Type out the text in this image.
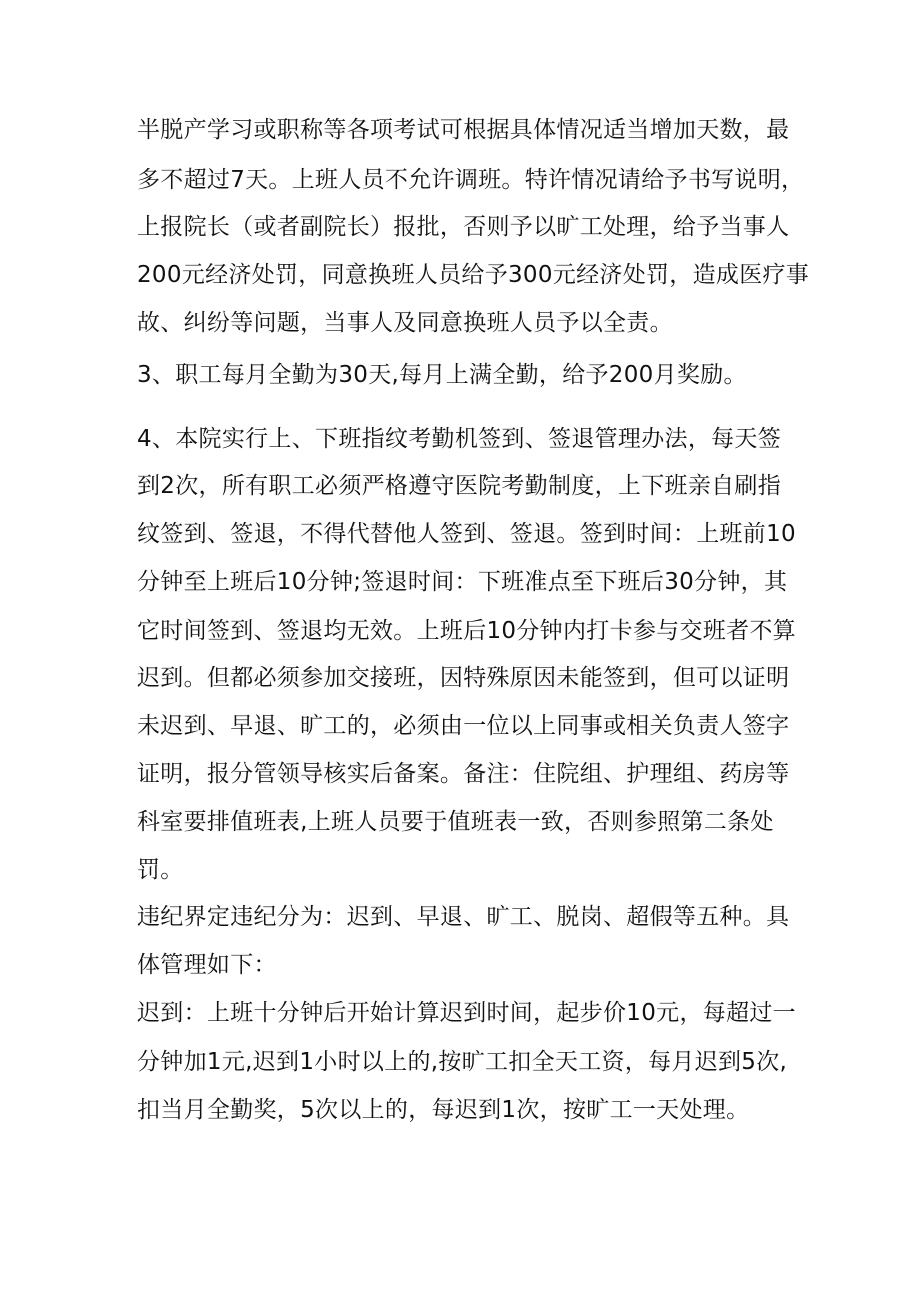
半脱产学习或职称等各项考试可根据具体情况适当增加天数，最
多不超过7天。上班人员不允许调班。特许情况请给予书写说明，
上报院长（或者副院长）报批，否则予以旷工处理，给予当事人
200元经济处罚，同意换班人员给予300元经济处罚，造成医疗事
故、纠纷等问题，当事人及同意换班人员予以全责。
3、职工每月全勤为30天,每月上满全勤，给予200月奖励。
4、本院实行上、下班指纹考勤机签到、签退管理办法，每天签
到2次，所有职工必须严格遵守医院考勤制度，上下班亲自刷指
纹签到、签退，不得代替他人签到、签退。签到时间：上班前10
分钟至上班后10分钟;签退时间：下班准点至下班后30分钟，其
它时间签到、签退均无效。上班后10分钟内打卡参与交班者不算
迟到。但都必须参加交接班，因特殊原因未能签到，但可以证明
未迟到、早退、旷工的，必须由一位以上同事或相关负责人签字
证明，报分管领导核实后备案。备注：住院组、护理组、药房等
科室要排值班表,上班人员要于值班表一致，否则参照第二条处
罚。
违纪界定违纪分为：迟到、早退、旷工、脱岗、超假等五种。具
体管理如下：
迟到：上班十分钟后开始计算迟到时间，起步价10元，每超过一
分钟加1元,迟到1小时以上的,按旷工扣全天工资，每月迟到5次,
扣当月全勤奖，5次以上的，每迟到1次，按旷工一天处理。
